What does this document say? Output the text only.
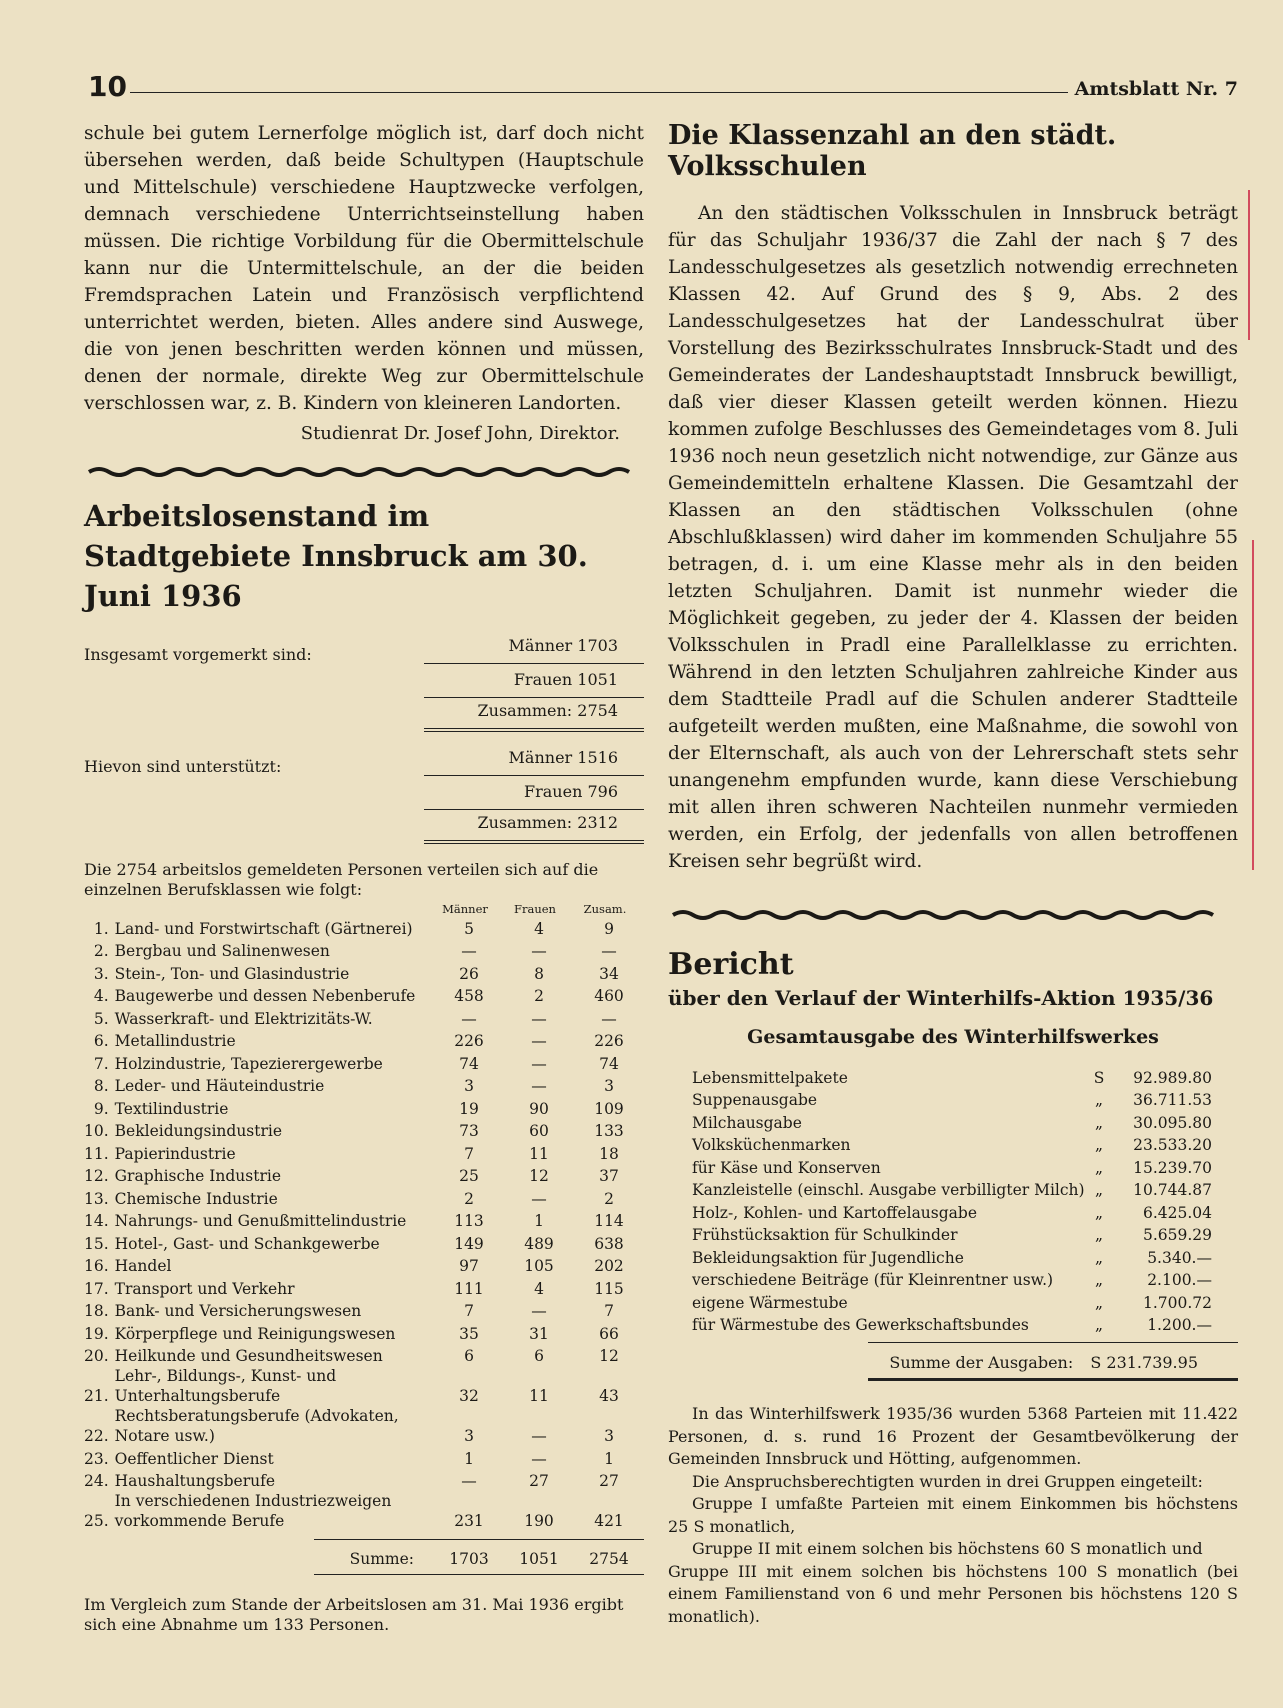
10	Amtsblatt Nr. 7

schule bei gutem Lernerfolge möglich ist, darf doch nicht übersehen werden, daß beide Schultypen (Hauptschule und Mittelschule) verschiedene Hauptzwecke verfolgen, demnach verschiedene Unterrichtseinstellung haben müssen. Die richtige Vorbildung für die Obermittelschule kann nur die Untermittelschule, an der die beiden Fremdsprachen Latein und Französisch verpflichtend unterrichtet werden, bieten. Alles andere sind Auswege, die von jenen beschritten werden können und müssen, denen der normale, direkte Weg zur Obermittelschule verschlossen war, z. B. Kindern von kleineren Landorten.

Studienrat Dr. Josef John, Direktor.
Arbeitslosenstand im
Stadtgebiete Innsbruck am 30. Juni 1936
Insgesamt vorgemerkt sind:	Männer 1703
Frauen 1051
Zusammen: 2754
Hievon sind unterstützt:	Männer 1516
Frauen 796
Zusammen: 2312
Die 2754 arbeitslos gemeldeten Personen verteilen sich auf die einzelnen Berufsklassen wie folgt:
Männer	Frauen	Zusam.
1.	Land- und Forstwirtschaft (Gärtnerei)	5	4	9
2.	Bergbau und Salinenwesen	—	—	—
3.	Stein-, Ton- und Glasindustrie	26	8	34
4.	Baugewerbe und dessen Nebenberufe	458	2	460
5.	Wasserkraft- und Elektrizitäts-W.	—	—	—
6.	Metallindustrie	226	—	226
7.	Holzindustrie, Tapezierergewerbe	74	—	74
8.	Leder- und Häuteindustrie	3	—	3
9.	Textilindustrie	19	90	109
10.	Bekleidungsindustrie	73	60	133
11.	Papierindustrie	7	11	18
12.	Graphische Industrie	25	12	37
13.	Chemische Industrie	2	—	2
14.	Nahrungs- und Genußmittelindustrie	113	1	114
15.	Hotel-, Gast- und Schankgewerbe	149	489	638
16.	Handel	97	105	202
17.	Transport und Verkehr	111	4	115
18.	Bank- und Versicherungswesen	7	—	7
19.	Körperpflege und Reinigungswesen	35	31	66
20.	Heilkunde und Gesundheitswesen	6	6	12
21.	Lehr-, Bildungs-, Kunst- und Unterhaltungsberufe	32	11	43
22.	Rechtsberatungsberufe (Advokaten, Notare usw.)	3	—	3
23.	Oeffentlicher Dienst	1	—	1
24.	Haushaltungsberufe	—	27	27
25.	In verschiedenen Industriezweigen vorkommende Berufe	231	190	421
Summe:	1703	1051	2754
Im Vergleich zum Stande der Arbeitslosen am 31. Mai 1936 ergibt sich eine Abnahme um 133 Personen.
Die Klassenzahl an den städt. Volksschulen

An den städtischen Volksschulen in Innsbruck beträgt für das Schuljahr 1936/37 die Zahl der nach § 7 des Landesschulgesetzes als gesetzlich notwendig errechneten Klassen 42. Auf Grund des § 9, Abs. 2 des Landesschulgesetzes hat der Landesschulrat über Vorstellung des Bezirksschulrates Innsbruck-Stadt und des Gemeinderates der Landeshauptstadt Innsbruck bewilligt, daß vier dieser Klassen geteilt werden können. Hiezu kommen zufolge Beschlusses des Gemeindetages vom 8. Juli 1936 noch neun gesetzlich nicht notwendige, zur Gänze aus Gemeindemitteln erhaltene Klassen. Die Gesamtzahl der Klassen an den städtischen Volksschulen (ohne Abschlußklassen) wird daher im kommenden Schuljahre 55 betragen, d. i. um eine Klasse mehr als in den beiden letzten Schuljahren. Damit ist nunmehr wieder die Möglichkeit gegeben, zu jeder der 4. Klassen der beiden Volksschulen in Pradl eine Parallelklasse zu errichten. Während in den letzten Schuljahren zahlreiche Kinder aus dem Stadtteile Pradl auf die Schulen anderer Stadtteile aufgeteilt werden mußten, eine Maßnahme, die sowohl von der Elternschaft, als auch von der Lehrerschaft stets sehr unangenehm empfunden wurde, kann diese Verschiebung mit allen ihren schweren Nachteilen nunmehr vermieden werden, ein Erfolg, der jedenfalls von allen betroffenen Kreisen sehr begrüßt wird.

Bericht
über den Verlauf der Winterhilfs-Aktion 1935/36
Gesamtausgabe des Winterhilfswerkes
Lebensmittelpakete	S	92.989.80
Suppenausgabe	„	36.711.53
Milchausgabe	„	30.095.80
Volksküchenmarken	„	23.533.20
für Käse und Konserven	„	15.239.70
Kanzleistelle (einschl. Ausgabe verbilligter Milch)	„	10.744.87
Holz-, Kohlen- und Kartoffelausgabe	„	6.425.04
Frühstücksaktion für Schulkinder	„	5.659.29
Bekleidungsaktion für Jugendliche	„	5.340.—
verschiedene Beiträge (für Kleinrentner usw.)	„	2.100.—
eigene Wärmestube	„	1.700.72
für Wärmestube des Gewerkschaftsbundes	„	1.200.—
Summe der Ausgaben: S 231.739.95

In das Winterhilfswerk 1935/36 wurden 5368 Parteien mit 11.422 Personen, d. s. rund 16 Prozent der Gesamtbevölkerung der Gemeinden Innsbruck und Hötting, aufgenommen.

Die Anspruchsberechtigten wurden in drei Gruppen eingeteilt:

Gruppe I umfaßte Parteien mit einem Einkommen bis höchstens 25 S monatlich,

Gruppe II mit einem solchen bis höchstens 60 S monatlich und

Gruppe III mit einem solchen bis höchstens 100 S monatlich (bei einem Familienstand von 6 und mehr Personen bis höchstens 120 S monatlich).
